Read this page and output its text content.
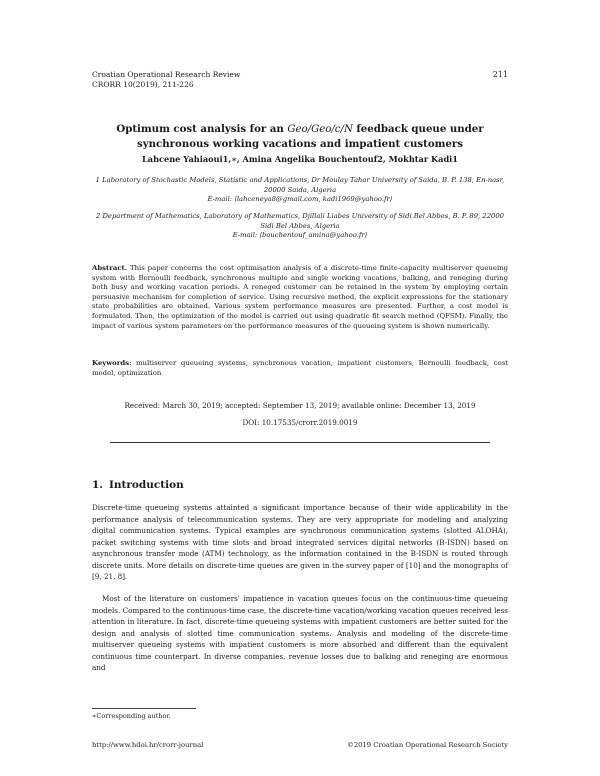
Croatian Operational Research Review
CRORR 10(2019), 211-226
211
Optimum cost analysis for an Geo/Geo/c/N feedback queue under
synchronous working vacations and impatient customers
Lahcene Yahiaoui1,∗, Amina Angelika Bouchentouf2, Mokhtar Kadi1
1 Laboratory of Stochastic Models, Statistic and Applications, Dr Moulay Tahar University of Saida, B. P. 138, En-nasr, 20000 Saida, Algeria
E-mail: ⟨lahceneya8@gmail.com, kadi1969@yahoo.fr⟩
2 Department of Mathematics, Laboratory of Mathematics, Djillali Liabes University of Sidi Bel Abbes, B. P. 89, 22000 Sidi Bel Abbes, Algeria
E-mail: ⟨bouchentouf_amina@yahoo.fr⟩
Abstract. This paper concerns the cost optimisation analysis of a discrete-time finite-capacity multiserver queueing system with Bernoulli feedback, synchronous multiple and single working vacations, balking, and reneging during both busy and working vacation periods. A reneged customer can be retained in the system by employing certain persuasive mechanism for completion of service. Using recursive method, the explicit expressions for the stationary state probabilities are obtained. Various system performance measures are presented. Further, a cost model is formulated. Then, the optimization of the model is carried out using quadratic fit search method (QFSM). Finally, the impact of various system parameters on the performance measures of the queueing system is shown numerically.
Keywords: multiserver queueing systems, synchronous vacation, impatient customers, Bernoulli feedback, cost model, optimization
Received: March 30, 2019; accepted: September 13, 2019; available online: December 13, 2019
DOI: 10.17535/crorr.2019.0019
1. Introduction
Discrete-time queueing systems attainted a significant importance because of their wide applicability in the performance analysis of telecommunication systems. They are very appropriate for modeling and analyzing digital communication systems. Typical examples are synchronous communication systems (slotted ALOHA), packet switching systems with time slots and broad integrated services digital networks (B-ISDN) based on asynchronous transfer mode (ATM) technology, as the information contained in the B-ISDN is routed through discrete units. More details on discrete-time queues are given in the survey paper of [10] and the monographs of [9, 21, 8].
Most of the literature on customers' impatience in vacation queues focus on the continuous-time queueing models. Compared to the continuous-time case, the discrete-time vacation/working vacation queues received less attention in literature. In fact, discrete-time queueing systems with impatient customers are better suited for the design and analysis of slotted time communication systems. Analysis and modeling of the discrete-time multiserver queueing systems with impatient customers is more absorbed and different than the equivalent continuous time counterpart. In diverse companies, revenue losses due to balking and reneging are enormous and
∗Corresponding author.
http://www.hdoi.hr/crorr-journal	©2019 Croatian Operational Research Society
